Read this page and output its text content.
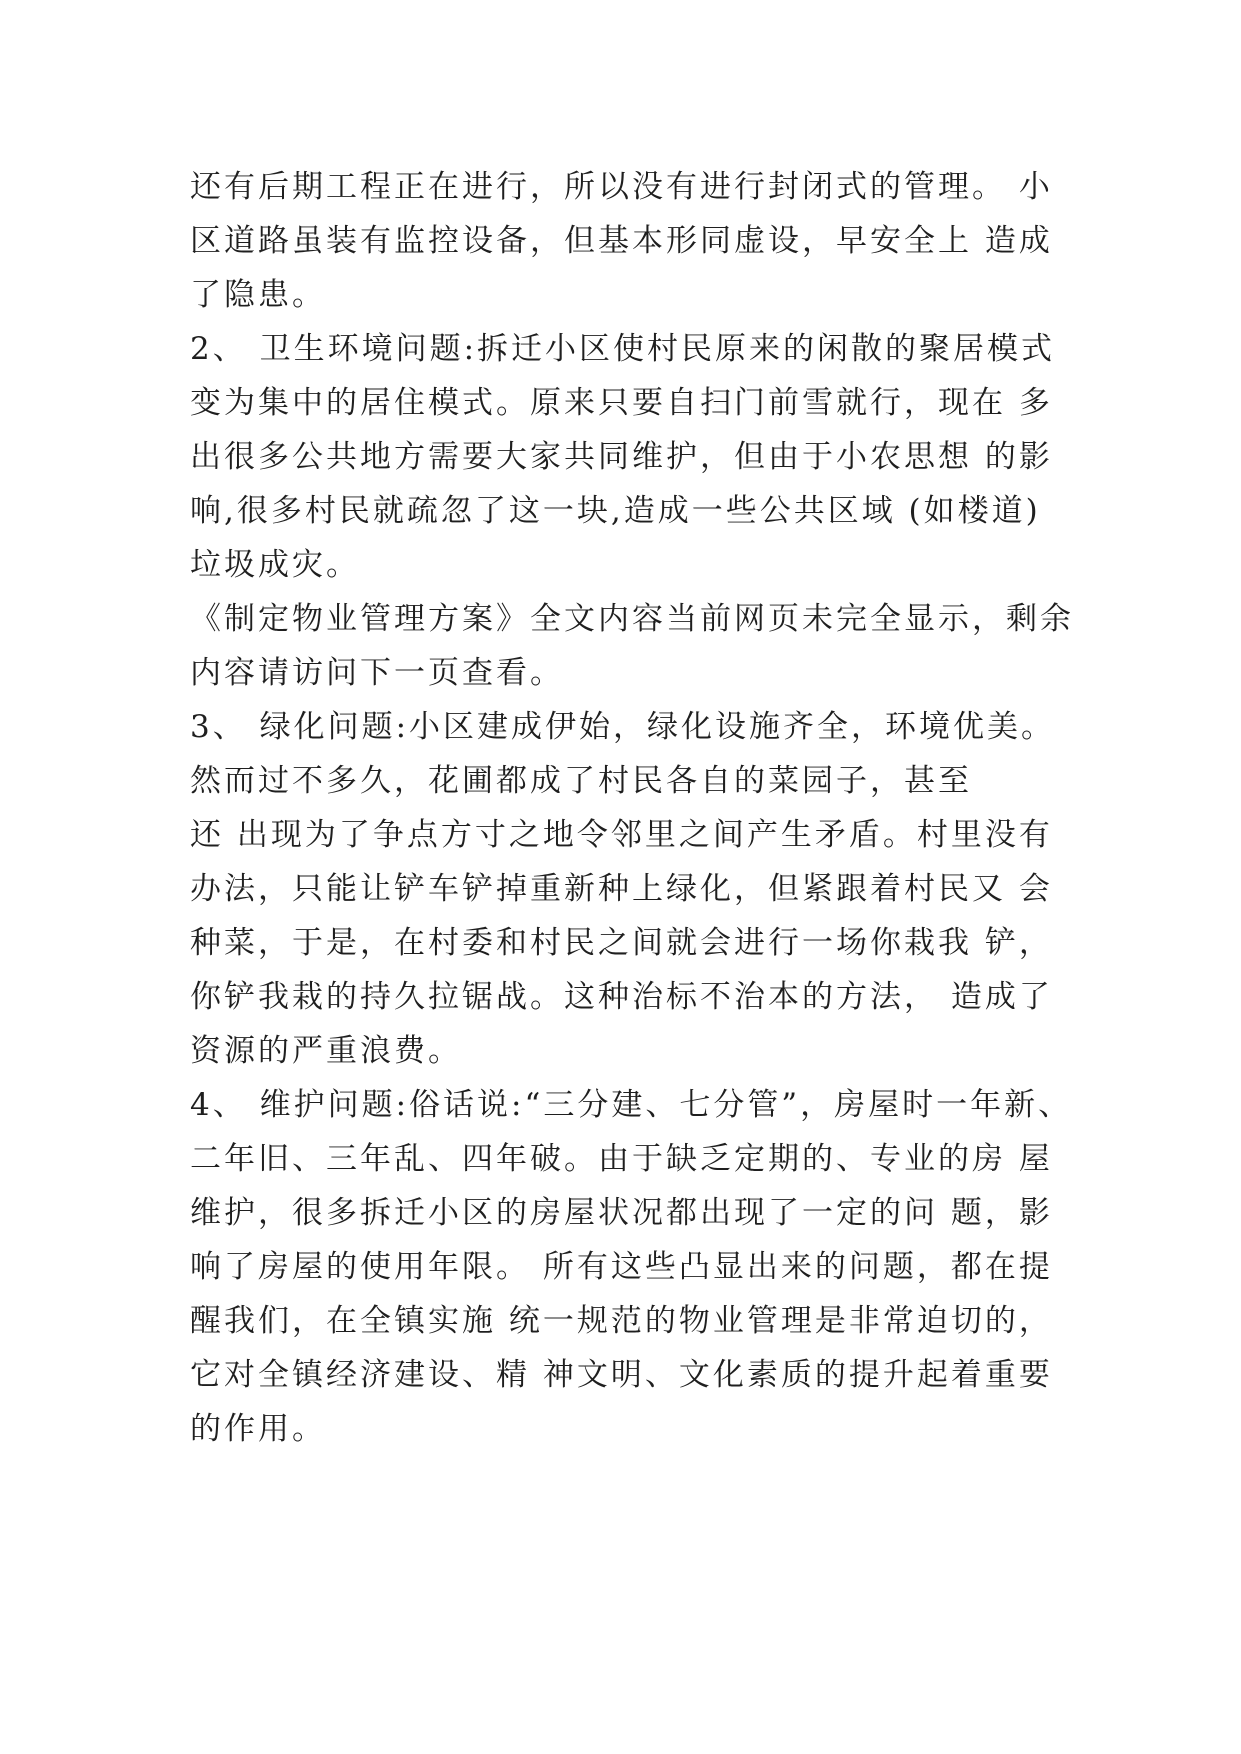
还有后期工程正在进行，所以没有进行封闭式的管理。 小
区道路虽装有监控设备，但基本形同虚设，早安全上 造成
了隐患。
2、 卫生环境问题:拆迁小区使村民原来的闲散的聚居模式
变为集中的居住模式。原来只要自扫门前雪就行，现在 多
出很多公共地方需要大家共同维护，但由于小农思想 的影
响,很多村民就疏忽了这一块,造成一些公共区域 (如楼道)
垃圾成灾。
《制定物业管理方案》全文内容当前网页未完全显示，剩余
内容请访问下一页查看。
3、 绿化问题:小区建成伊始，绿化设施齐全，环境优美。
然而过不多久，花圃都成了村民各自的菜园子，甚至
还 出现为了争点方寸之地令邻里之间产生矛盾。村里没有
办法，只能让铲车铲掉重新种上绿化，但紧跟着村民又 会
种菜，于是，在村委和村民之间就会进行一场你栽我 铲，
你铲我栽的持久拉锯战。这种治标不治本的方法， 造成了
资源的严重浪费。
4、 维护问题:俗话说:“三分建、七分管”，房屋时一年新、
二年旧、三年乱、四年破。由于缺乏定期的、专业的房 屋
维护，很多拆迁小区的房屋状况都出现了一定的问 题，影
响了房屋的使用年限。 所有这些凸显出来的问题，都在提
醒我们，在全镇实施 统一规范的物业管理是非常迫切的，
它对全镇经济建设、精 神文明、文化素质的提升起着重要
的作用。
